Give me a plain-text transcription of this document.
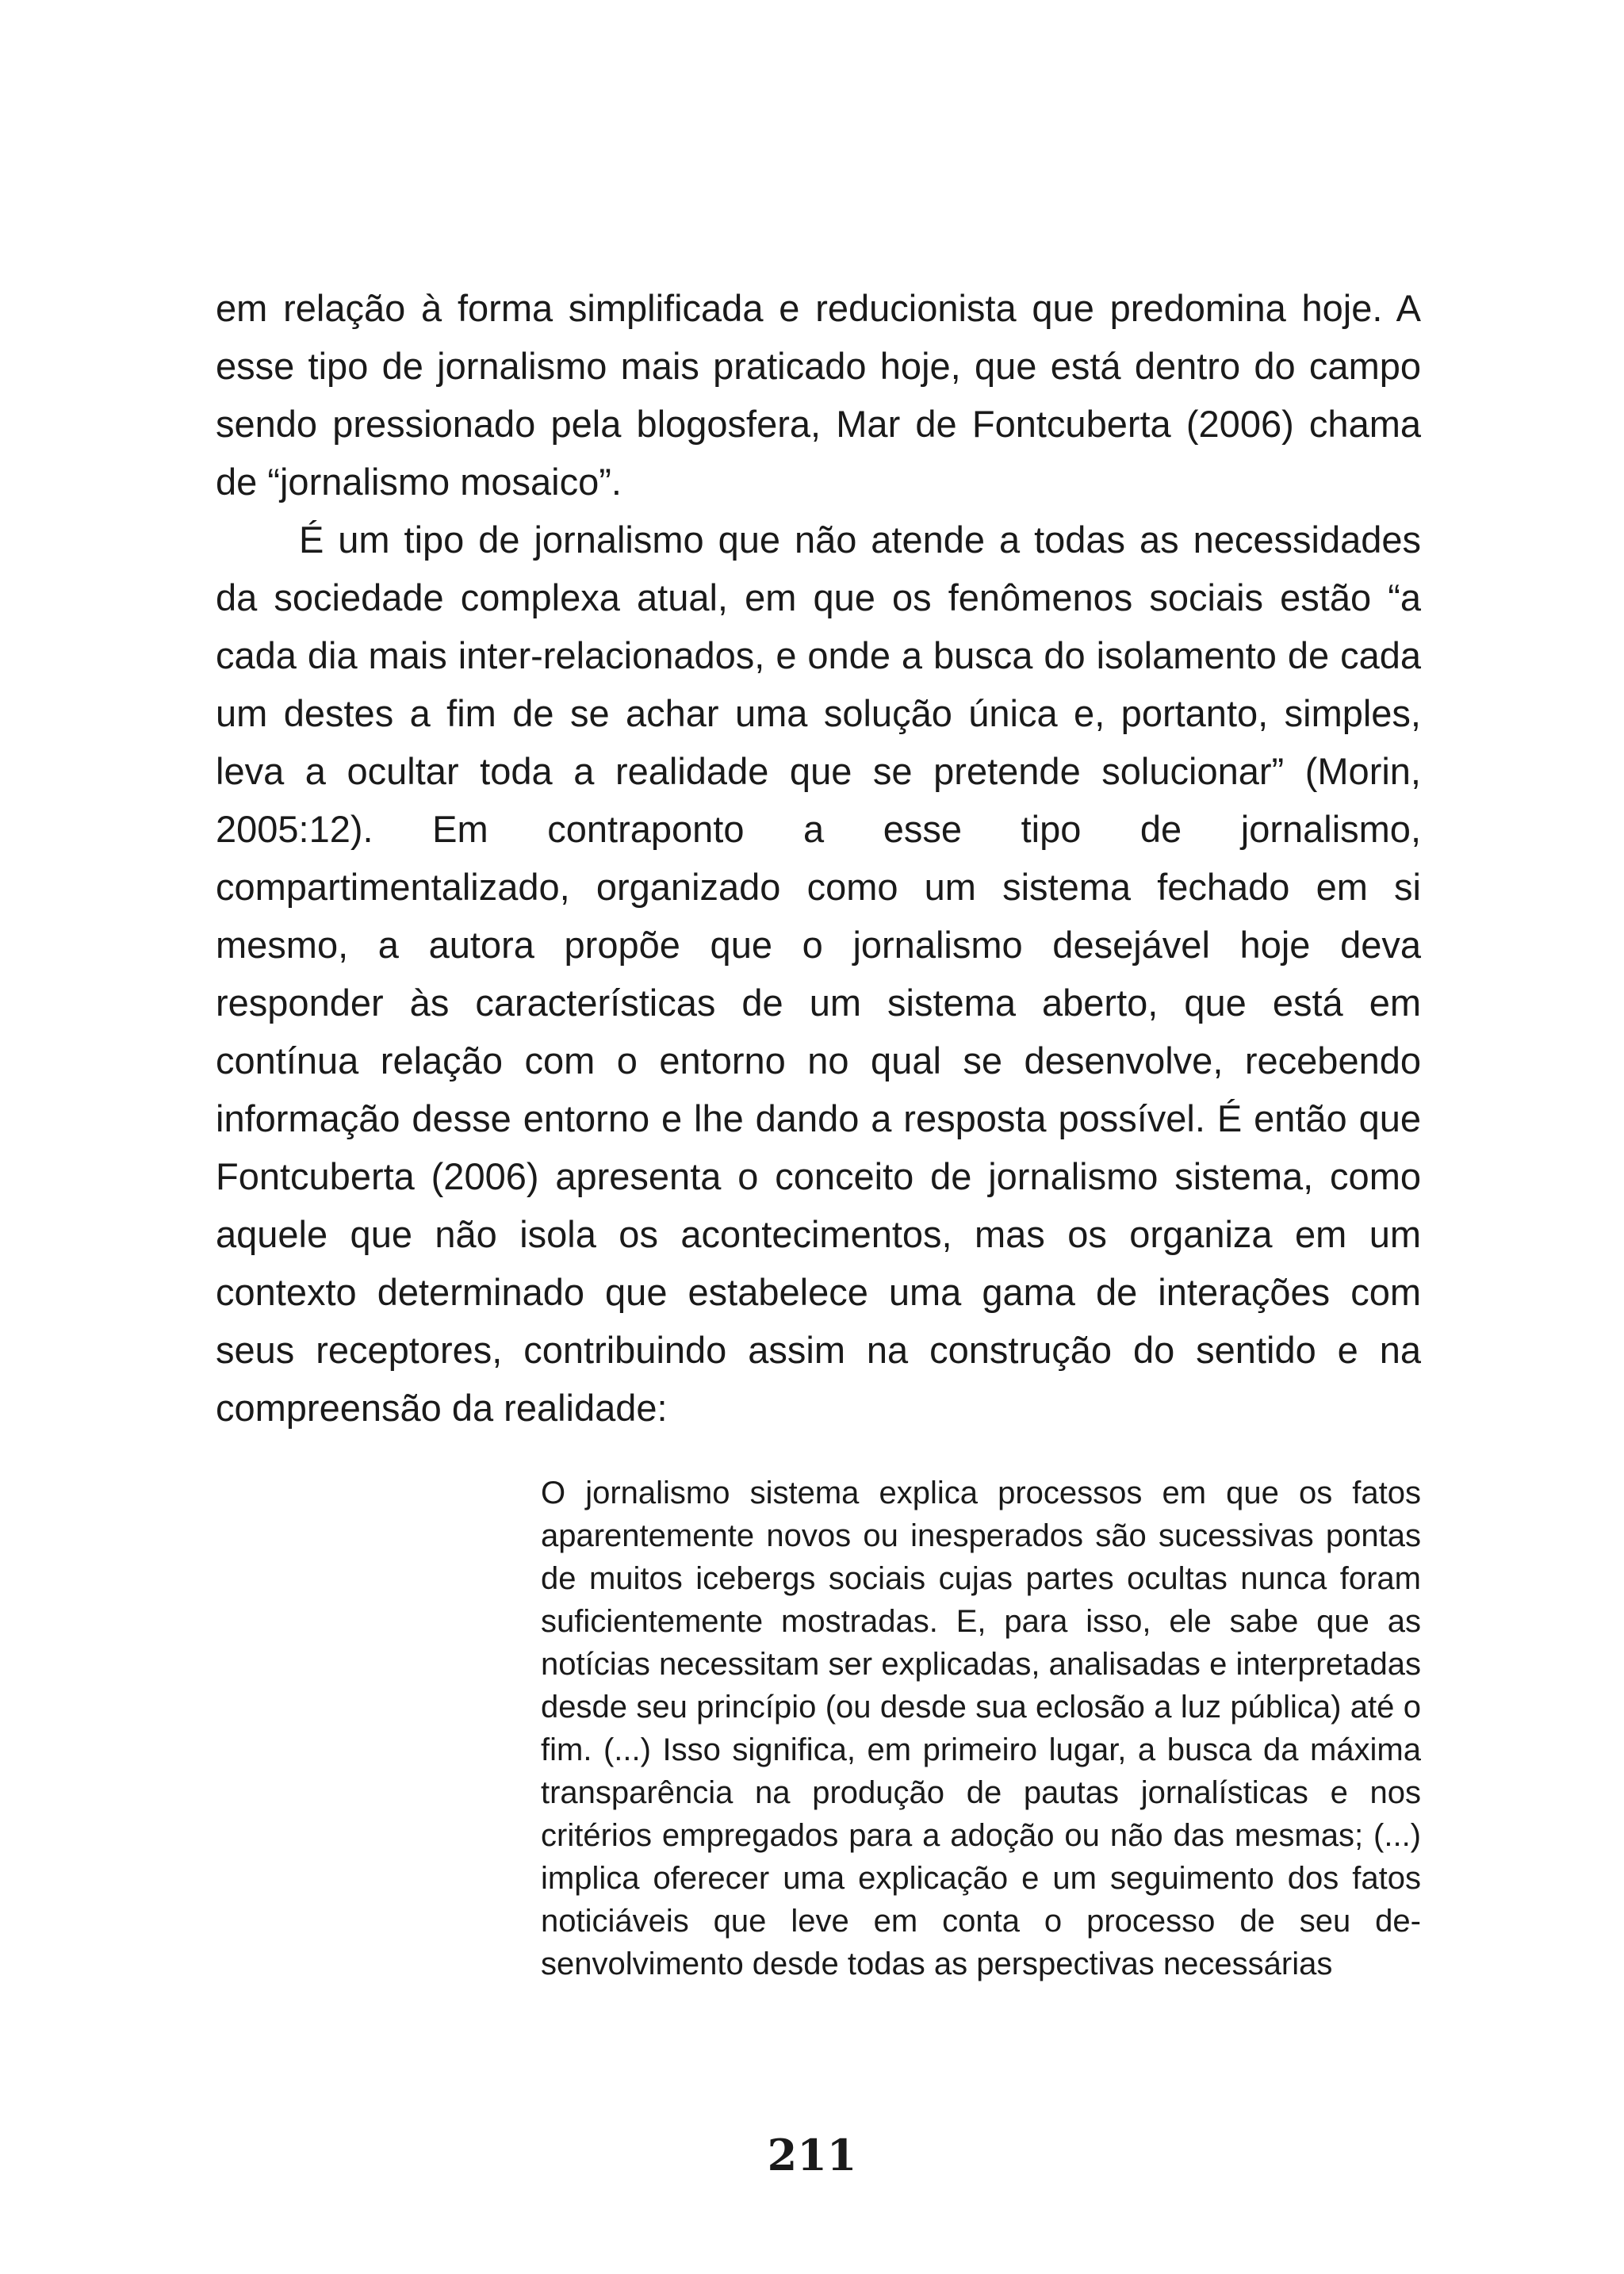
em relação à forma simplificada e reducionista que predomina hoje. A esse tipo de jornalismo mais praticado hoje, que está dentro do campo sendo pressionado pela blogosfera, Mar de Fontcuberta (2006) chama de “jornalismo mosaico”.

É um tipo de jornalismo que não atende a todas as necessidades da sociedade complexa atual, em que os fenômenos sociais estão “a cada dia mais inter-relacionados, e onde a busca do isolamento de cada um destes a fim de se achar uma solução única e, portanto, simples, leva a ocultar toda a realidade que se pretende solucionar” (Morin, 2005:12). Em contraponto a esse tipo de jornalismo, compartimentalizado, organizado como um sistema fechado em si mesmo, a autora propõe que o jornalismo desejável hoje deva responder às características de um sistema aberto, que está em contínua relação com o entorno no qual se desenvolve, recebendo informação desse entorno e lhe dando a resposta possível. É então que Fontcuberta (2006) apresenta o conceito de jornalismo sistema, como aquele que não isola os acontecimentos, mas os organiza em um contexto determinado que estabelece uma gama de interações com seus receptores, contribuindo assim na construção do sentido e na compreensão da realidade:

O jornalismo sistema explica processos em que os fatos aparentemente novos ou inesperados são sucessivas pontas de muitos icebergs sociais cujas partes ocultas nunca foram suficientemente mostradas. E, para isso, ele sabe que as notícias necessitam ser explicadas, analisadas e interpretadas desde seu princípio (ou desde sua eclosão a luz pública) até o fim. (...) Isso significa, em primeiro lugar, a busca da máxima transparência na produção de pautas jornalísticas e nos critérios empregados para a adoção ou não das mesmas; (...) implica oferecer uma explicação e um seguimento dos fatos noticiáveis que leve em conta o processo de seu desenvolvimento desde todas as perspectivas necessárias

211
